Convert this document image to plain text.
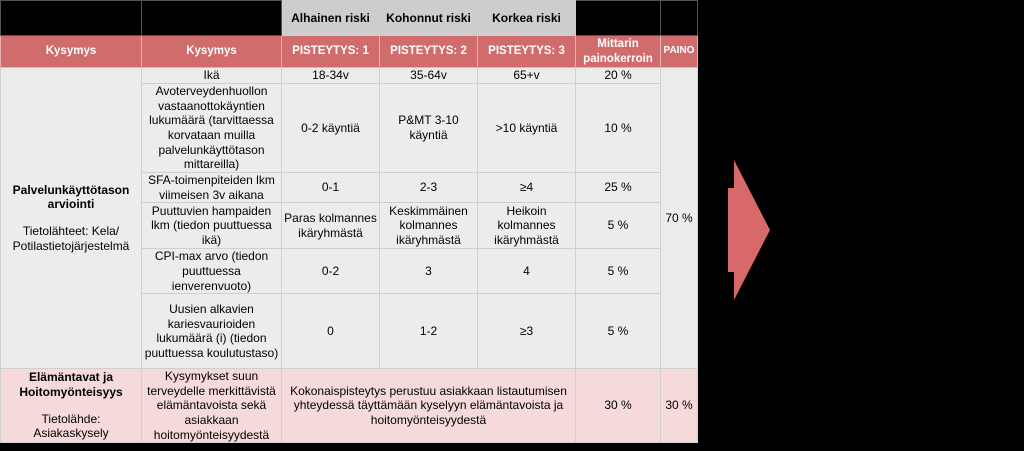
		Alhainen riski	Kohonnut riski	Korkea riski		
Kysymys	Kysymys	PISTEYTYS: 1	PISTEYTYS: 2	PISTEYTYS: 3	Mittarin painokerroin	PAINO

Palvelunkäyttötason arviointi
Tietolähteet: Kela/ Potilastietojärjestelmä	Ikä	18-34v	35-64v	65+v	20 %	70 %
	Avoterveydenhuollon vastaanottokäyntien lukumäärä (tarvittaessa korvataan muilla palvelunkäyttötason mittareilla)	0-2 käyntiä	P&MT 3-10 käyntiä	>10 käyntiä	10 %	
	SFA-toimenpiteiden lkm viimeisen 3v aikana	0-1	2-3	≥4	25 %	
	Puuttuvien hampaiden lkm (tiedon puuttuessa ikä)	Paras kolmannes ikäryhmästä	Keskimmäinen kolmannes ikäryhmästä	Heikoin kolmannes ikäryhmästä	5 %	
	CPI-max arvo (tiedon puuttuessa ienverenvuoto)	0-2	3	4	5 %	
	Uusien alkavien kariesvaurioiden lukumäärä (i) (tiedon puuttuessa koulutustaso)	0	1-2	≥3	5 %	

Elämäntavat ja Hoitomyönteisyys
Tietolähde: Asiakaskysely	Kysymykset suun terveydelle merkittävistä elämäntavoista sekä asiakkaan hoitomyönteisyydestä	Kokonaispisteytys perustuu asiakkaan listautumisen yhteydessä täyttämään kyselyyn elämäntavoista ja hoitomyönteisyydestä			30 %	30 %
Tietojen perusteella asiakas määritellään yhteen viidestä palvelunkäyttötasosta:
Palvelunkäyttötaso 1 kerroin: 0,70
Palvelunkäyttötaso 2 kerroin: 0,85
Palvelunkäyttötaso 3 kerroin: 1,00
Palvelunkäyttötaso 4 kerroin: 1,15
Palvelunkäyttötaso 5 kerroin: 1,30
